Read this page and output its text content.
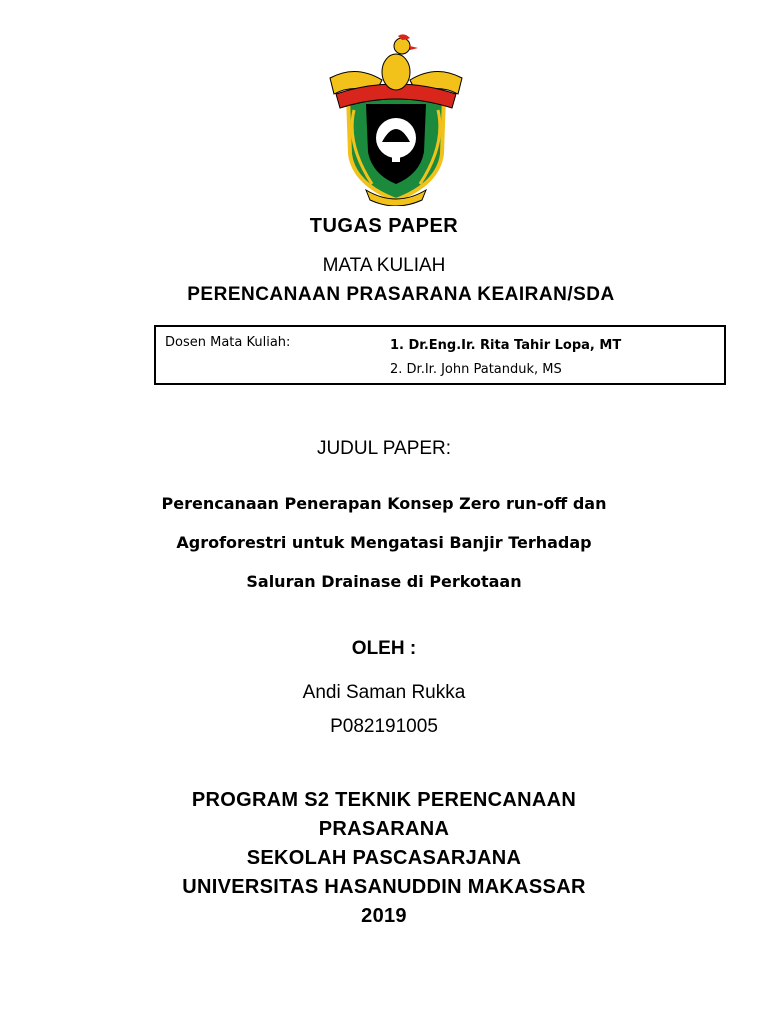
TUGAS PAPER
MATA KULIAH
PERENCANAAN PRASARANA KEAIRAN/SDA
Dosen Mata Kuliah:	1. Dr.Eng.Ir. Rita Tahir Lopa, MT
2. Dr.Ir. John Patanduk, MS
JUDUL PAPER:
Perencanaan Penerapan Konsep Zero run-off dan
Agroforestri untuk Mengatasi Banjir Terhadap
Saluran Drainase di Perkotaan
OLEH :
Andi Saman Rukka
P082191005
PROGRAM S2 TEKNIK PERENCANAAN
PRASARANA
SEKOLAH PASCASARJANA
UNIVERSITAS HASANUDDIN MAKASSAR
2019
